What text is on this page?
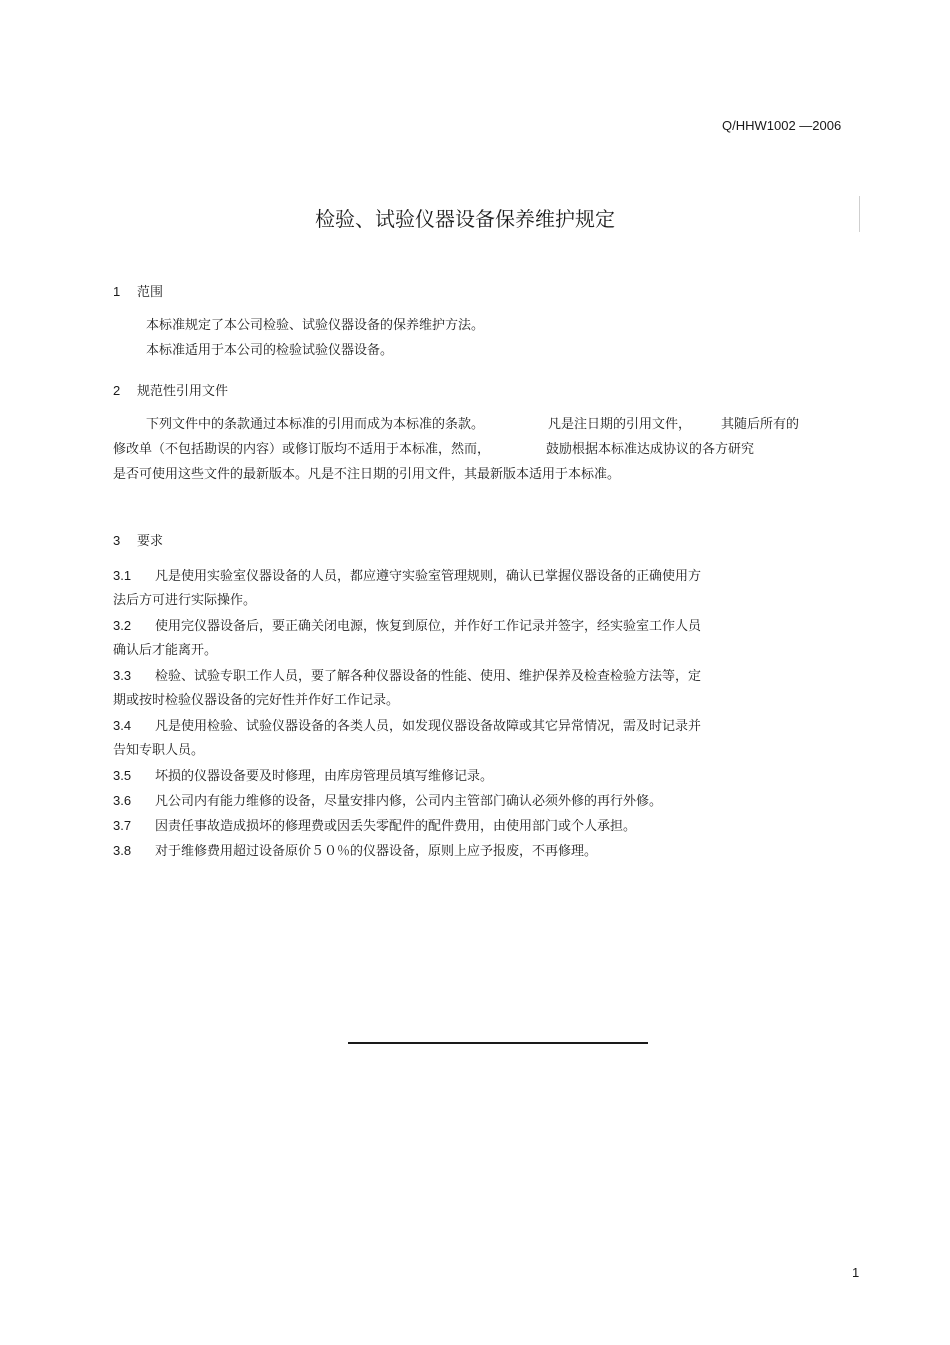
Q/HHW1002 —2006
检验、试验仪器设备保养维护规定
1 范围
本标准规定了本公司检验、试验仪器设备的保养维护方法。
本标准适用于本公司的检验试验仪器设备。
2 规范性引用文件
下列文件中的条款通过本标准的引用而成为本标准的条款。	凡是注日期的引用文件， 其随后所有的
修改单（不包括勘误的内容）或修订版均不适用于本标准，然而，	鼓励根据本标准达成协议的各方研究
是否可使用这些文件的最新版本。凡是不注日期的引用文件，其最新版本适用于本标准。
3 要求
3.1 凡是使用实验室仪器设备的人员，都应遵守实验室管理规则，确认已掌握仪器设备的正确使用方
法后方可进行实际操作。
3.2 使用完仪器设备后，要正确关闭电源，恢复到原位，并作好工作记录并签字，经实验室工作人员
确认后才能离开。
3.3 检验、试验专职工作人员，要了解各种仪器设备的性能、使用、维护保养及检查检验方法等，定
期或按时检验仪器设备的完好性并作好工作记录。
3.4 凡是使用检验、试验仪器设备的各类人员，如发现仪器设备故障或其它异常情况，需及时记录并
告知专职人员。
3.5 坏损的仪器设备要及时修理，由库房管理员填写维修记录。
3.6 凡公司内有能力维修的设备，尽量安排内修，公司内主管部门确认必须外修的再行外修。
3.7 因责任事故造成损坏的修理费或因丢失零配件的配件费用，由使用部门或个人承担。
3.8 对于维修费用超过设备原价５０％的仪器设备，原则上应予报废，不再修理。
1
